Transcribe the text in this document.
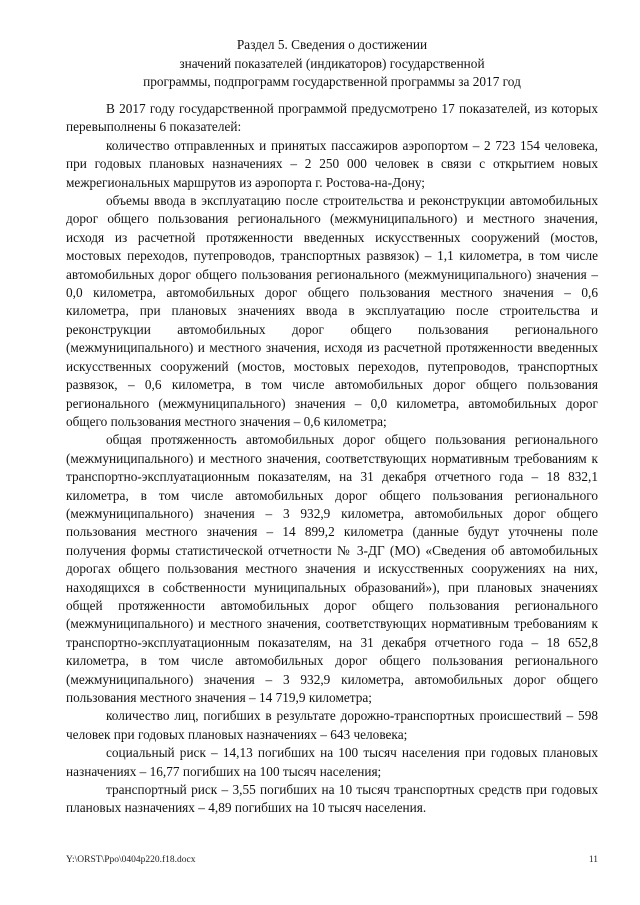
Раздел 5. Сведения о достижении
значений показателей (индикаторов) государственной
программы, подпрограмм государственной программы за 2017 год

В 2017 году государственной программой предусмотрено 17 показателей, из которых перевыполнены 6 показателей:

количество отправленных и принятых пассажиров аэропортом – 2 723 154 человека, при годовых плановых назначениях – 2 250 000 человек в связи с открытием новых межрегиональных маршрутов из аэропорта г. Ростова-на-Дону;

объемы ввода в эксплуатацию после строительства и реконструкции автомобильных дорог общего пользования регионального (межмуниципального) и местного значения, исходя из расчетной протяженности введенных искусственных сооружений (мостов, мостовых переходов, путепроводов, транспортных развязок) – 1,1 километра, в том числе автомобильных дорог общего пользования регионального (межмуниципального) значения – 0,0 километра, автомобильных дорог общего пользования местного значения – 0,6 километра, при плановых значениях ввода в эксплуатацию после строительства и реконструкции автомобильных дорог общего пользования регионального (межмуниципального) и местного значения, исходя из расчетной протяженности введенных искусственных сооружений (мостов, мостовых переходов, путепроводов, транспортных развязок, – 0,6 километра, в том числе автомобильных дорог общего пользования регионального (межмуниципального) значения – 0,0 километра, автомобильных дорог общего пользования местного значения – 0,6 километра;

общая протяженность автомобильных дорог общего пользования регионального (межмуниципального) и местного значения, соответствующих нормативным требованиям к транспортно-эксплуатационным показателям, на 31 декабря отчетного года – 18 832,1 километра, в том числе автомобильных дорог общего пользования регионального (межмуниципального) значения – 3 932,9 километра, автомобильных дорог общего пользования местного значения – 14 899,2 километра (данные будут уточнены поле получения формы статистической отчетности № 3-ДГ (МО) «Сведения об автомобильных дорогах общего пользования местного значения и искусственных сооружениях на них, находящихся в собственности муниципальных образований»), при плановых значениях общей протяженности автомобильных дорог общего пользования регионального (межмуниципального) и местного значения, соответствующих нормативным требованиям к транспортно-эксплуатационным показателям, на 31 декабря отчетного года – 18 652,8 километра, в том числе автомобильных дорог общего пользования регионального (межмуниципального) значения – 3 932,9 километра, автомобильных дорог общего пользования местного значения – 14 719,9 километра;

количество лиц, погибших в результате дорожно-транспортных происшествий – 598 человек при годовых плановых назначениях – 643 человека;

социальный риск – 14,13 погибших на 100 тысяч населения при годовых плановых назначениях – 16,77 погибших на 100 тысяч населения;

транспортный риск – 3,55 погибших на 10 тысяч транспортных средств при годовых плановых назначениях – 4,89 погибших на 10 тысяч населения.

Y:\ORST\Ppo\0404p220.f18.docx	11
